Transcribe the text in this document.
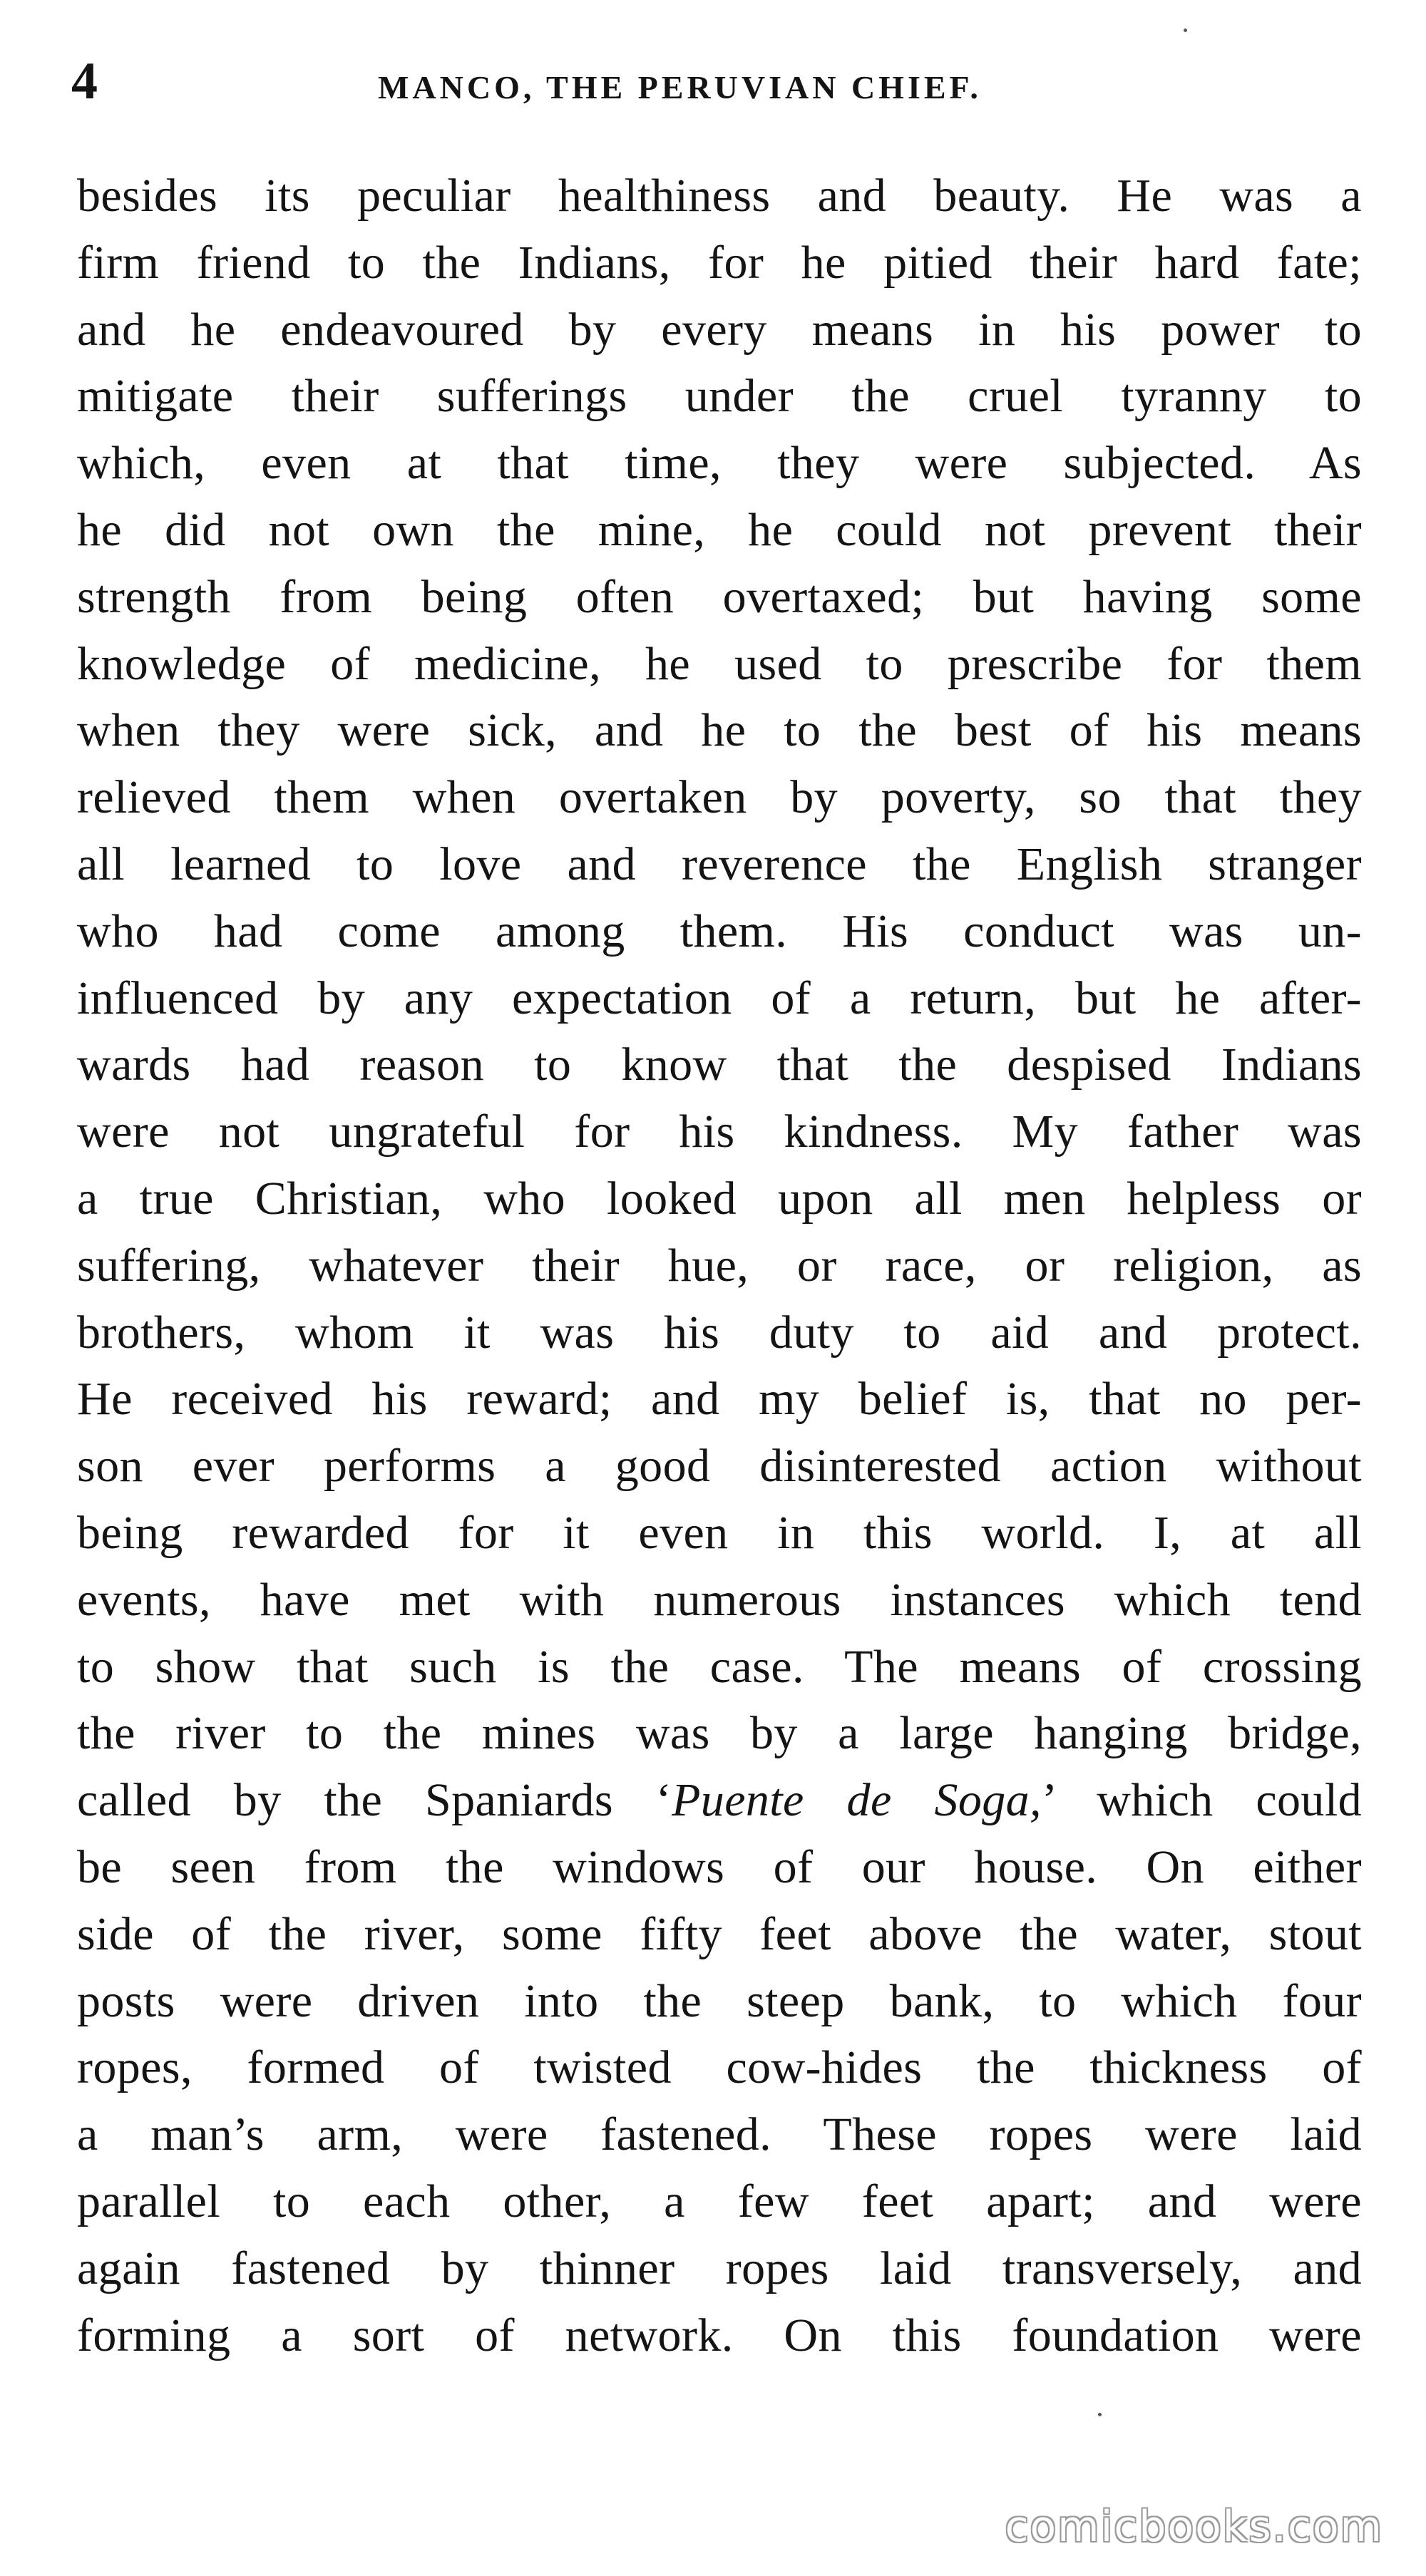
4	MANCO, THE PERUVIAN CHIEF.
besides its peculiar healthiness and beauty. He was a
firm friend to the Indians, for he pitied their hard fate;
and he endeavoured by every means in his power to
mitigate their sufferings under the cruel tyranny to
which, even at that time, they were subjected. As
he did not own the mine, he could not prevent their
strength from being often overtaxed; but having some
knowledge of medicine, he used to prescribe for them
when they were sick, and he to the best of his means
relieved them when overtaken by poverty, so that they
all learned to love and reverence the English stranger
who had come among them. His conduct was un-
influenced by any expectation of a return, but he after-
wards had reason to know that the despised Indians
were not ungrateful for his kindness. My father was
a true Christian, who looked upon all men helpless or
suffering, whatever their hue, or race, or religion, as
brothers, whom it was his duty to aid and protect.
He received his reward; and my belief is, that no per-
son ever performs a good disinterested action without
being rewarded for it even in this world. I, at all
events, have met with numerous instances which tend
to show that such is the case. The means of crossing
the river to the mines was by a large hanging bridge,
called by the Spaniards ‘Puente de Soga,’ which could
be seen from the windows of our house. On either
side of the river, some fifty feet above the water, stout
posts were driven into the steep bank, to which four
ropes, formed of twisted cow-hides the thickness of
a man’s arm, were fastened. These ropes were laid
parallel to each other, a few feet apart; and were
again fastened by thinner ropes laid transversely, and
forming a sort of network. On this foundation were
comicbooks.com
